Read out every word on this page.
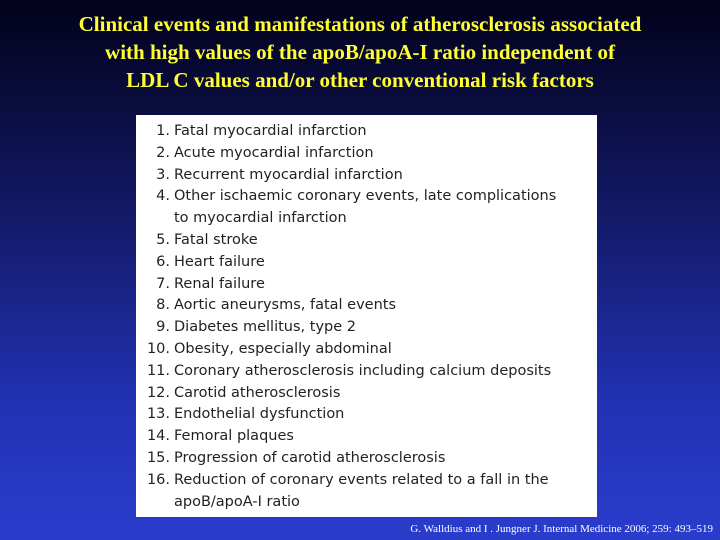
Clinical events and manifestations of atherosclerosis associated
with high values of the apoB/apoA-I ratio independent of
LDL C values and/or other conventional risk factors
1. Fatal myocardial infarction
2. Acute myocardial infarction
3. Recurrent myocardial infarction
4. Other ischaemic coronary events, late complications
to myocardial infarction
5. Fatal stroke
6. Heart failure
7. Renal failure
8. Aortic aneurysms, fatal events
9. Diabetes mellitus, type 2
10. Obesity, especially abdominal
11. Coronary atherosclerosis including calcium deposits
12. Carotid atherosclerosis
13. Endothelial dysfunction
14. Femoral plaques
15. Progression of carotid atherosclerosis
16. Reduction of coronary events related to a fall in the
apoB/apoA-I ratio
G. Walldius and I . Jungner J. Internal Medicine 2006; 259: 493–519
